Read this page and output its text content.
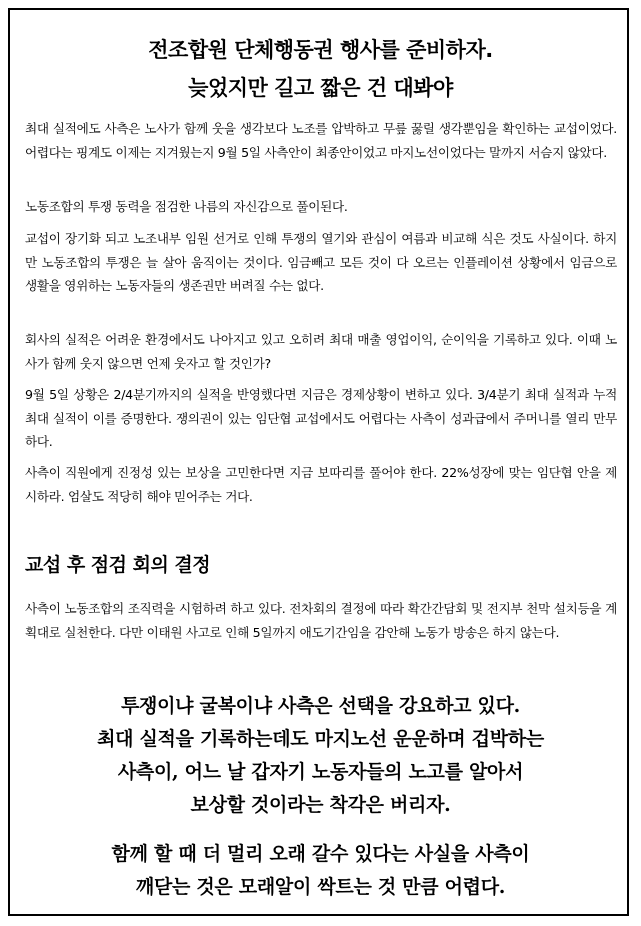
전조합원 단체행동권 행사를 준비하자.
늦었지만 길고 짧은 건 대봐야

최대 실적에도 사측은 노사가 함께 웃을 생각보다 노조를 압박하고 무릎 꿇릴 생각뿐임을 확인하는 교섭이었다. 어렵다는 핑계도 이제는 지겨웠는지 9월 5일 사측안이 최종안이었고 마지노선이었다는 말까지 서슴지 않았다.

노동조합의 투쟁 동력을 점검한 나름의 자신감으로 풀이된다.

교섭이 장기화 되고 노조내부 임원 선거로 인해 투쟁의 열기와 관심이 여름과 비교해 식은 것도 사실이다. 하지만 노동조합의 투쟁은 늘 살아 움직이는 것이다. 임금빼고 모든 것이 다 오르는 인플레이션 상황에서 임금으로 생활을 영위하는 노동자들의 생존권만 버려질 수는 없다.

회사의 실적은 어려운 환경에서도 나아지고 있고 오히려 최대 매출 영업이익, 순이익을 기록하고 있다. 이때 노사가 함께 웃지 않으면 언제 웃자고 할 것인가?

9월 5일 상황은 2/4분기까지의 실적을 반영했다면 지금은 경제상황이 변하고 있다. 3/4분기 최대 실적과 누적 최대 실적이 이를 증명한다. 쟁의권이 있는 임단협 교섭에서도 어렵다는 사측이 성과급에서 주머니를 열리 만무하다.

사측이 직원에게 진정성 있는 보상을 고민한다면 지금 보따리를 풀어야 한다. 22%성장에 맞는 임단협 안을 제시하라. 엄살도 적당히 해야 믿어주는 거다.

교섭 후 점검 회의 결정

사측이 노동조합의 조직력을 시험하려 하고 있다. 전차회의 결정에 따라 확간간담회 및 전지부 천막 설치등을 계획대로 실천한다. 다만 이태원 사고로 인해 5일까지 애도기간임을 감안해 노동가 방송은 하지 않는다.

투쟁이냐 굴복이냐 사측은 선택을 강요하고 있다.
최대 실적을 기록하는데도 마지노선 운운하며 겁박하는
사측이, 어느 날 갑자기 노동자들의 노고를 알아서
보상할 것이라는 착각은 버리자.
함께 할 때 더 멀리 오래 갈수 있다는 사실을 사측이
깨닫는 것은 모래알이 싹트는 것 만큼 어렵다.
